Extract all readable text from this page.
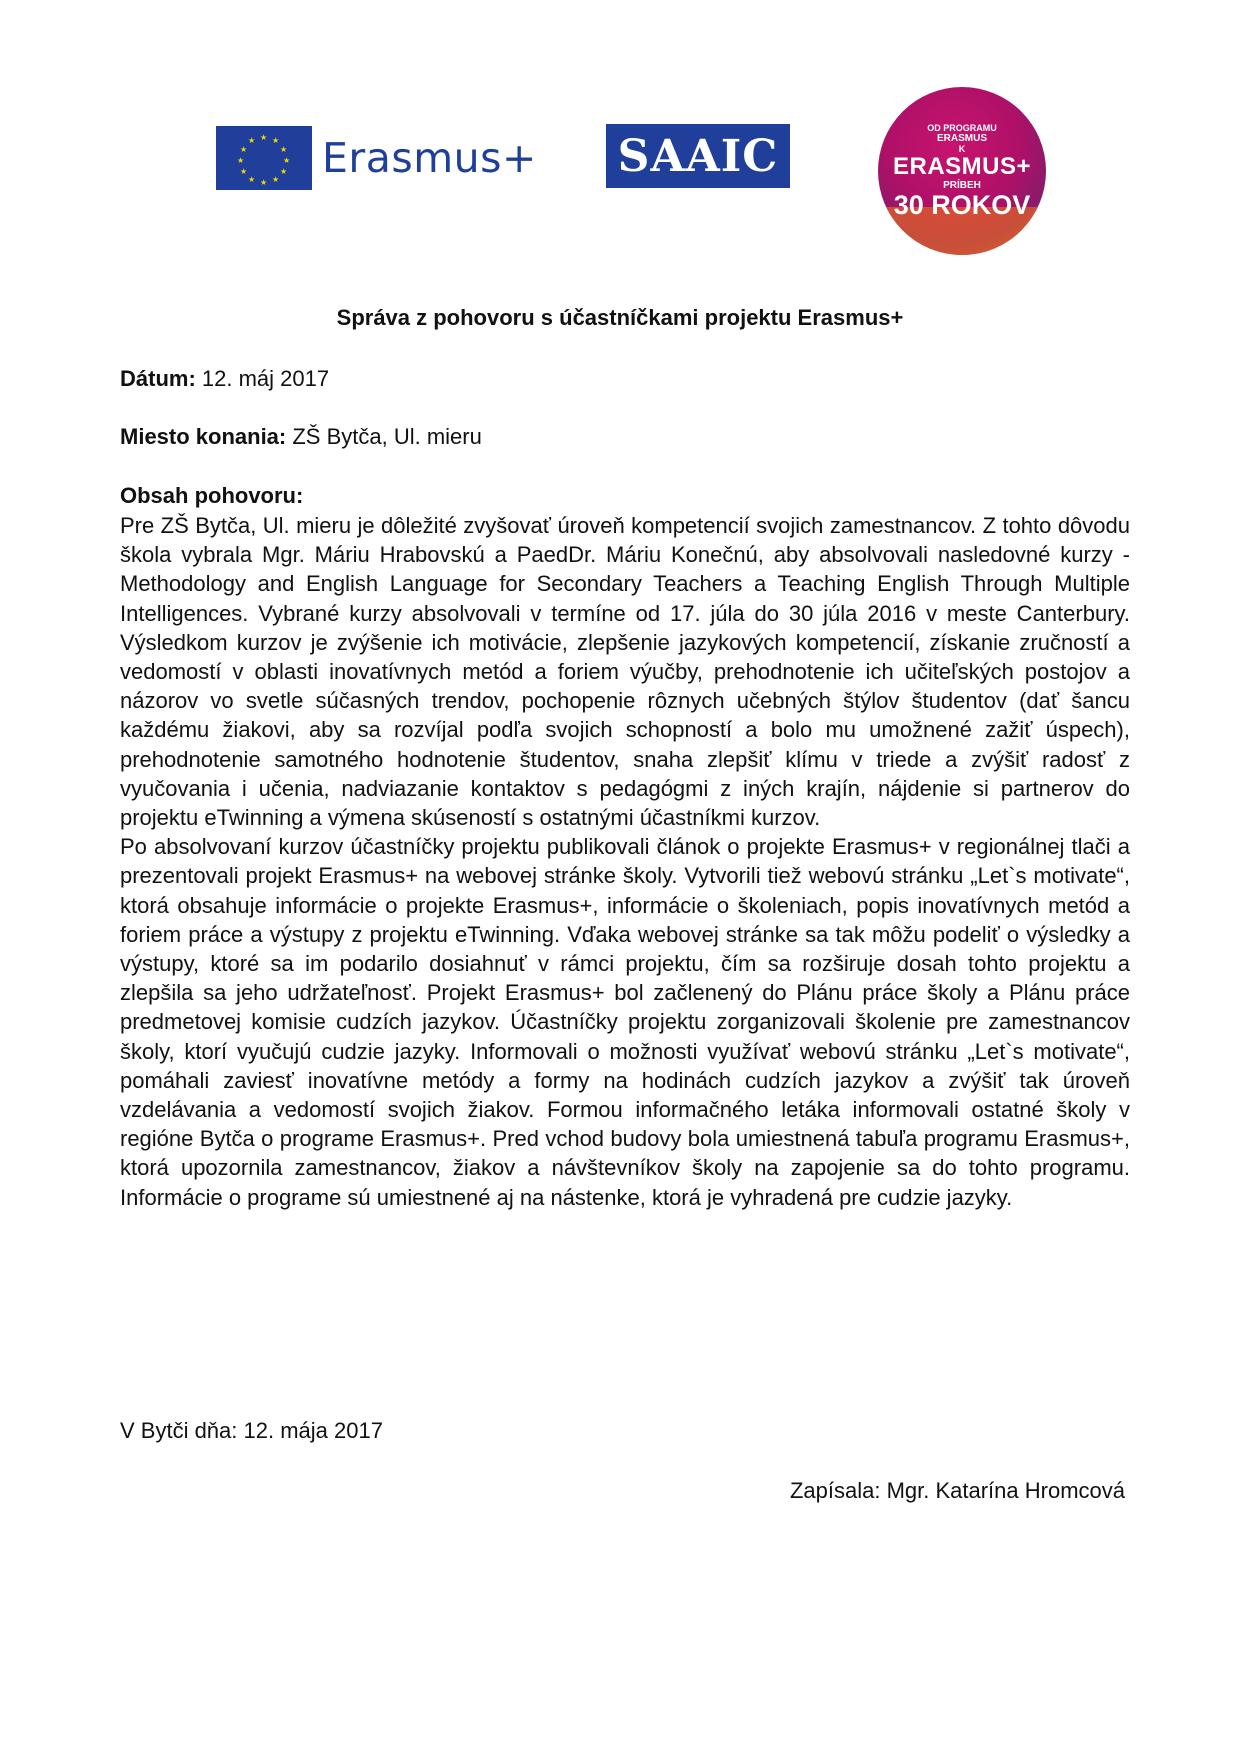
★ ★
★
★
★
★
★
★
★
★
★
★ Erasmus+ SAAIC
OD PROGRAMU
ERASMUS
K
ERASMUS+
PRÍBEH
30 ROKOV
Správa z pohovoru s účastníčkami projektu Erasmus+
Dátum: 12. máj 2017
Miesto konania: ZŠ Bytča, Ul. mieru
Obsah pohovoru:

Pre ZŠ Bytča, Ul. mieru je dôležité zvyšovať úroveň kompetencií svojich zamestnancov. Z tohto dôvodu škola vybrala Mgr. Máriu Hrabovskú a PaedDr. Máriu Konečnú, aby absolvovali nasledovné kurzy - Methodology and English Language for Secondary Teachers a Teaching English Through Multiple Intelligences. Vybrané kurzy absolvovali v termíne od 17. júla do 30 júla 2016 v meste Canterbury. Výsledkom kurzov je zvýšenie ich motivácie, zlepšenie jazykových kompetencií, získanie zručností a vedomostí v oblasti inovatívnych metód a foriem výučby, prehodnotenie ich učiteľských postojov a názorov vo svetle súčasných trendov, pochopenie rôznych učebných štýlov študentov (dať šancu každému žiakovi, aby sa rozvíjal podľa svojich schopností a bolo mu umožnené zažiť úspech), prehodnotenie samotného hodnotenie študentov, snaha zlepšiť klímu v triede a zvýšiť radosť z vyučovania i učenia, nadviazanie kontaktov s pedagógmi z iných krajín, nájdenie si partnerov do projektu eTwinning a výmena skúseností s ostatnými účastníkmi kurzov.

Po absolvovaní kurzov účastníčky projektu publikovali článok o projekte Erasmus+ v regionálnej tlači a prezentovali projekt Erasmus+ na webovej stránke školy. Vytvorili tiež webovú stránku „Let`s motivate“, ktorá obsahuje informácie o projekte Erasmus+, informácie o školeniach, popis inovatívnych metód a foriem práce a výstupy z projektu eTwinning. Vďaka webovej stránke sa tak môžu podeliť o výsledky a výstupy, ktoré sa im podarilo dosiahnuť v rámci projektu, čím sa rozširuje dosah tohto projektu a zlepšila sa jeho udržateľnosť. Projekt Erasmus+ bol začlenený do Plánu práce školy a Plánu práce predmetovej komisie cudzích jazykov. Účastníčky projektu zorganizovali školenie pre zamestnancov školy, ktorí vyučujú cudzie jazyky. Informovali o možnosti využívať webovú stránku „Let`s motivate“, pomáhali zaviesť inovatívne metódy a formy na hodinách cudzích jazykov a zvýšiť tak úroveň vzdelávania a vedomostí svojich žiakov. Formou informačného letáka informovali ostatné školy v regióne Bytča o programe Erasmus+. Pred vchod budovy bola umiestnená tabuľa programu Erasmus+, ktorá upozornila zamestnancov, žiakov a návštevníkov školy na zapojenie sa do tohto programu. Informácie o programe sú umiestnené aj na nástenke, ktorá je vyhradená pre cudzie jazyky.

V Bytči dňa: 12. mája 2017
Zapísala: Mgr. Katarína Hromcová
